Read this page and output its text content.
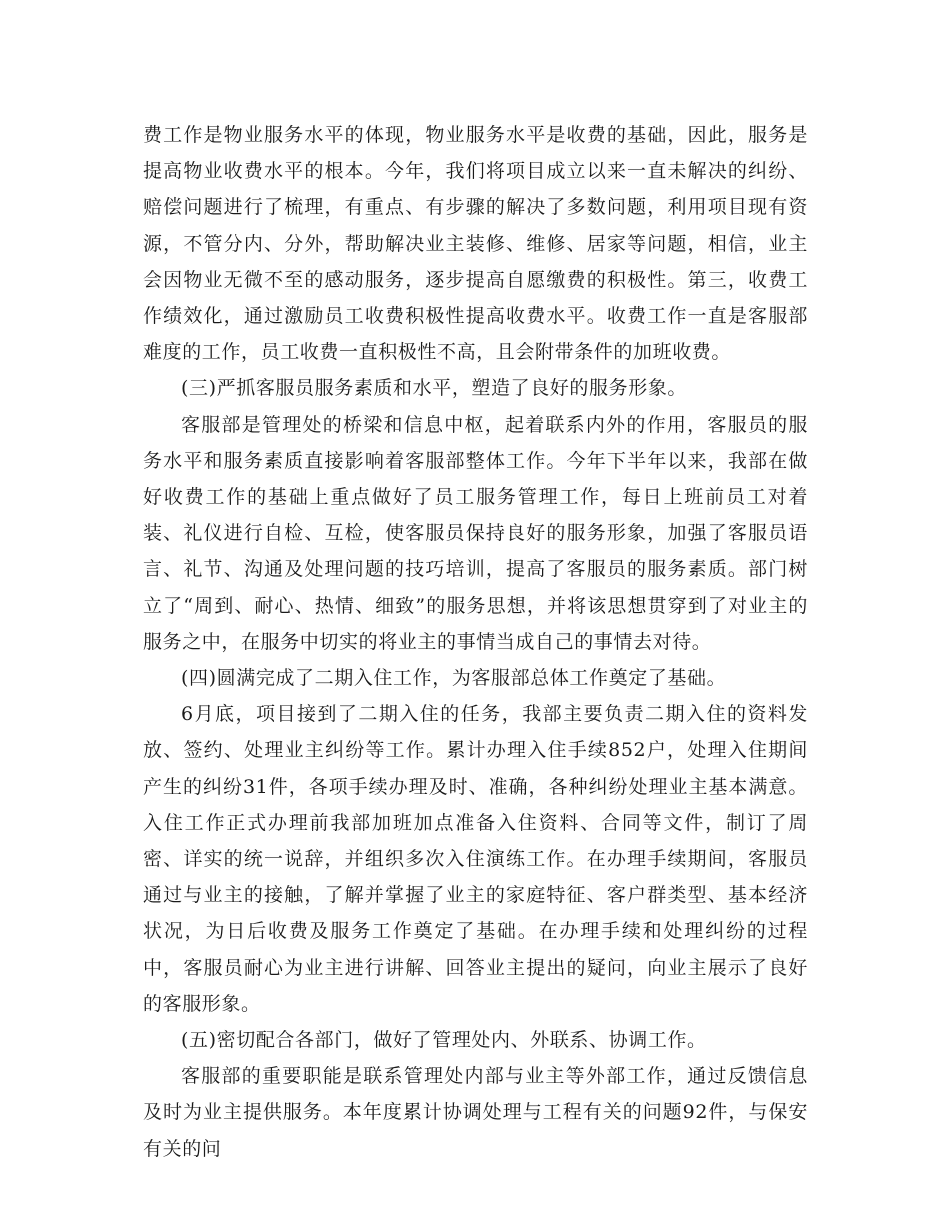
费工作是物业服务水平的体现，物业服务水平是收费的基础，因此，服务是提高物业收费水平的根本。今年，我们将项目成立以来一直未解决的纠纷、赔偿问题进行了梳理，有重点、有步骤的解决了多数问题，利用项目现有资源，不管分内、分外，帮助解决业主装修、维修、居家等问题，相信，业主会因物业无微不至的感动服务，逐步提高自愿缴费的积极性。第三，收费工作绩效化，通过激励员工收费积极性提高收费水平。收费工作一直是客服部难度的工作，员工收费一直积极性不高，且会附带条件的加班收费。

(三)严抓客服员服务素质和水平，塑造了良好的服务形象。

客服部是管理处的桥梁和信息中枢，起着联系内外的作用，客服员的服务水平和服务素质直接影响着客服部整体工作。今年下半年以来，我部在做好收费工作的基础上重点做好了员工服务管理工作，每日上班前员工对着装、礼仪进行自检、互检，使客服员保持良好的服务形象，加强了客服员语言、礼节、沟通及处理问题的技巧培训，提高了客服员的服务素质。部门树立了“周到、耐心、热情、细致”的服务思想，并将该思想贯穿到了对业主的服务之中，在服务中切实的将业主的事情当成自己的事情去对待。

(四)圆满完成了二期入住工作，为客服部总体工作奠定了基础。

6月底，项目接到了二期入住的任务，我部主要负责二期入住的资料发放、签约、处理业主纠纷等工作。累计办理入住手续852户，处理入住期间产生的纠纷31件，各项手续办理及时、准确，各种纠纷处理业主基本满意。入住工作正式办理前我部加班加点准备入住资料、合同等文件，制订了周密、详实的统一说辞，并组织多次入住演练工作。在办理手续期间，客服员通过与业主的接触，了解并掌握了业主的家庭特征、客户群类型、基本经济状况，为日后收费及服务工作奠定了基础。在办理手续和处理纠纷的过程中，客服员耐心为业主进行讲解、回答业主提出的疑问，向业主展示了良好的客服形象。

(五)密切配合各部门，做好了管理处内、外联系、协调工作。

客服部的重要职能是联系管理处内部与业主等外部工作，通过反馈信息及时为业主提供服务。本年度累计协调处理与工程有关的问题92件，与保安有关的问
